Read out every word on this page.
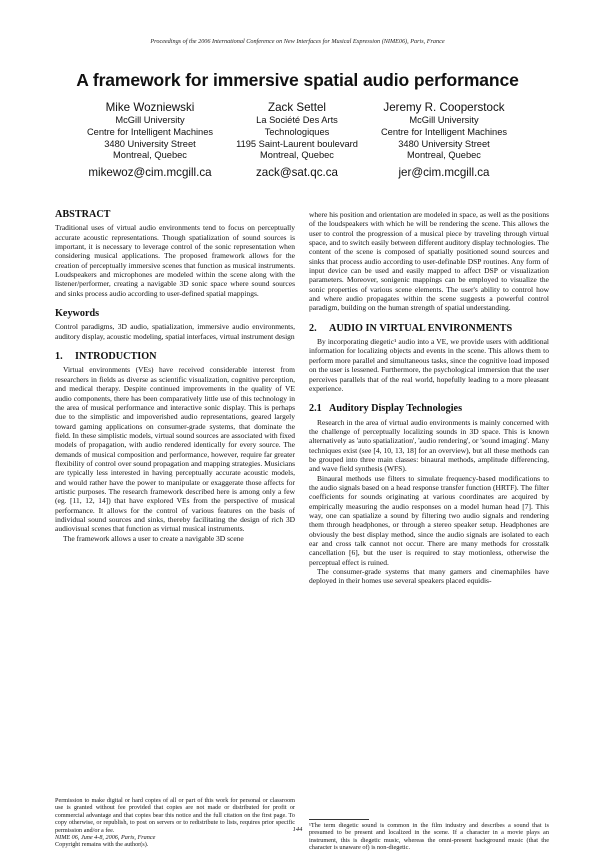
Proceedings of the 2006 International Conference on New Interfaces for Musical Expression (NIME06), Paris, France
A framework for immersive spatial audio performance
Mike Wozniewski
McGill University
Centre for Intelligent Machines
3480 University Street
Montreal, Quebec
mikewoz@cim.mcgill.ca
Zack Settel
La Société Des Arts
Technologiques
1195 Saint-Laurent boulevard
Montreal, Quebec
zack@sat.qc.ca
Jeremy R. Cooperstock
McGill University
Centre for Intelligent Machines
3480 University Street
Montreal, Quebec
jer@cim.mcgill.ca
ABSTRACT

Traditional uses of virtual audio environments tend to focus on perceptually accurate acoustic representations. Though spatialization of sound sources is important, it is necessary to leverage control of the sonic representation when considering musical applications. The proposed framework allows for the creation of perceptually immersive scenes that function as musical instruments. Loudspeakers and microphones are modeled within the scene along with the listener/performer, creating a navigable 3D sonic space where sound sources and sinks process audio according to user-defined spatial mappings.

Keywords

Control paradigms, 3D audio, spatialization, immersive audio environments, auditory display, acoustic modeling, spatial interfaces, virtual instrument design

1. INTRODUCTION

Virtual environments (VEs) have received considerable interest from researchers in fields as diverse as scientific visualization, cognitive perception, and medical therapy. Despite continued improvements in the quality of VE audio components, there has been comparatively little use of this technology in the area of musical performance and interactive sonic display. This is perhaps due to the simplistic and impoverished audio representations, geared largely toward gaming applications on consumer-grade systems, that dominate the field. In these simplistic models, virtual sound sources are associated with fixed models of propagation, with audio rendered identically for every source. The demands of musical composition and performance, however, require far greater flexibility of control over sound propagation and mapping strategies. Musicians are typically less interested in having perceptually accurate acoustic models, and would rather have the power to manipulate or exaggerate those affects for artistic purposes. The research framework described here is among only a few (eg. [11, 12, 14]) that have explored VEs from the perspective of musical performance. It allows for the control of various features on the basis of individual sound sources and sinks, thereby facilitating the design of rich 3D audiovisual scenes that function as virtual musical instruments.

The framework allows a user to create a navigable 3D scene

Permission to make digital or hard copies of all or part of this work for personal or classroom use is granted without fee provided that copies are not made or distributed for profit or commercial advantage and that copies bear this notice and the full citation on the first page. To copy otherwise, or republish, to post on servers or to redistribute to lists, requires prior specific permission and/or a fee.

NIME 06, June 4-8, 2006, Paris, France

Copyright remains with the author(s).

where his position and orientation are modeled in space, as well as the positions of the loudspeakers with which he will be rendering the scene. This allows the user to control the progression of a musical piece by traveling through virtual space, and to switch easily between different auditory display technologies. The content of the scene is composed of spatially positioned sound sources and sinks that process audio according to user-definable DSP routines. Any form of input device can be used and easily mapped to affect DSP or visualization parameters. Moreover, sonigenic mappings can be employed to visualize the sonic properties of various scene elements. The user's ability to control how and where audio propagates within the scene suggests a powerful control paradigm, building on the human strength of spatial understanding.

2. AUDIO IN VIRTUAL ENVIRONMENTS

By incorporating diegetic¹ audio into a VE, we provide users with additional information for localizing objects and events in the scene. This allows them to perform more parallel and simultaneous tasks, since the cognitive load imposed on the user is lessened. Furthermore, the psychological immersion that the user perceives parallels that of the real world, hopefully leading to a more pleasant experience.

2.1 Auditory Display Technologies

Research in the area of virtual audio environments is mainly concerned with the challenge of perceptually localizing sounds in 3D space. This is known alternatively as 'auto spatialization', 'audio rendering', or 'sound imaging'. Many techniques exist (see [4, 10, 13, 18] for an overview), but all these methods can be grouped into three main classes: binaural methods, amplitude differencing, and wave field synthesis (WFS).

Binaural methods use filters to simulate frequency-based modifications to the audio signals based on a head response transfer function (HRTF). The filter coefficients for sounds originating at various coordinates are acquired by empirically measuring the audio responses on a model human head [7]. This way, one can spatialize a sound by filtering two audio signals and rendering them through headphones, or through a stereo speaker setup. Headphones are obviously the best display method, since the audio signals are isolated to each ear and cross talk cannot not occur. There are many methods for crosstalk cancellation [6], but the user is required to stay motionless, otherwise the perceptual effect is ruined.

The consumer-grade systems that many gamers and cinemaphiles have deployed in their homes use several speakers placed equidis-

¹The term diegetic sound is common in the film industry and describes a sound that is presumed to be present and localized in the scene. If a character in a movie plays an instrument, this is diegetic music, whereas the omni-present background music (that the character is unaware of) is non-diegetic.
144
